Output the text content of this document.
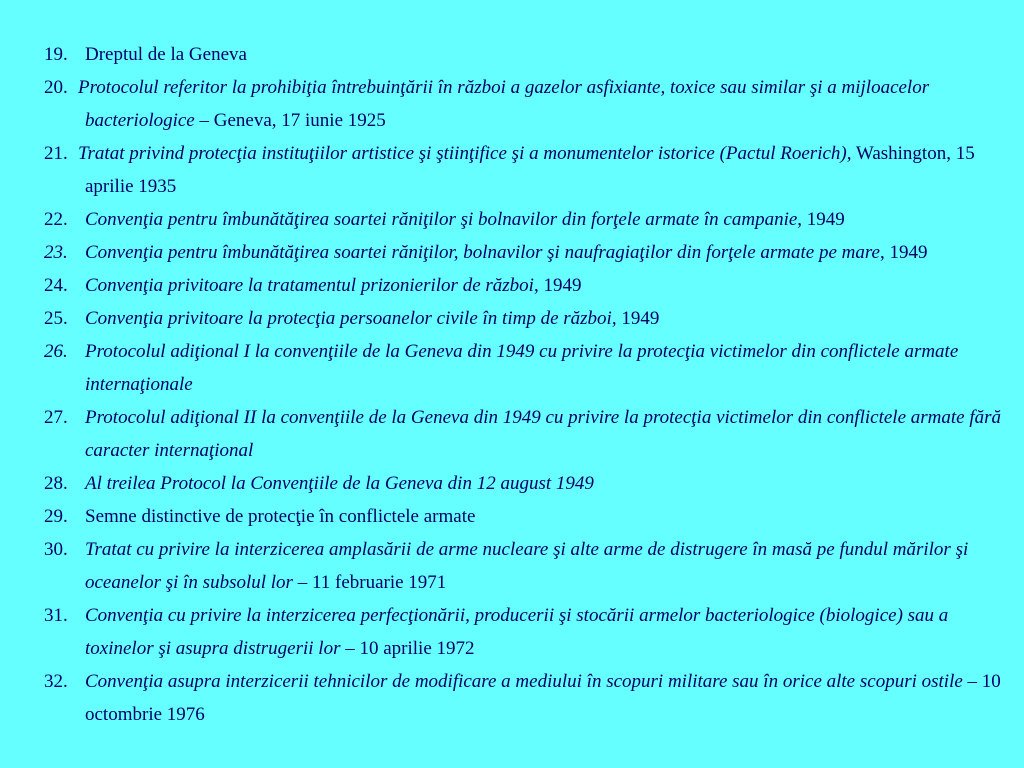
19. Dreptul de la Geneva
20. Protocolul referitor la prohibiţia întrebuinţării în război a gazelor asfixiante, toxice sau similar şi a mijloacelor bacteriologice – Geneva, 17 iunie 1925
21. Tratat privind protecţia instituţiilor artistice şi ştiinţifice şi a monumentelor istorice (Pactul Roerich), Washington, 15 aprilie 1935
22. Convenţia pentru îmbunătăţirea soartei răniţilor şi bolnavilor din forţele armate în campanie, 1949
23. Convenţia pentru îmbunătăţirea soartei răniţilor, bolnavilor şi naufragiaţilor din forţele armate pe mare, 1949
24. Convenţia privitoare la tratamentul prizonierilor de război, 1949
25. Convenţia privitoare la protecţia persoanelor civile în timp de război, 1949
26. Protocolul adiţional I la convenţiile de la Geneva din 1949 cu privire la protecţia victimelor din conflictele armate internaţionale
27. Protocolul adiţional II la convenţiile de la Geneva din 1949 cu privire la protecţia victimelor din conflictele armate fără caracter internaţional
28. Al treilea Protocol la Convenţiile de la Geneva din 12 august 1949
29. Semne distinctive de protecţie în conflictele armate
30. Tratat cu privire la interzicerea amplasării de arme nucleare şi alte arme de distrugere în masă pe fundul mărilor şi oceanelor şi în subsolul lor – 11 februarie 1971
31. Convenţia cu privire la interzicerea perfecţionării, producerii şi stocării armelor bacteriologice (biologice) sau a toxinelor şi asupra distrugerii lor – 10 aprilie 1972
32. Convenţia asupra interzicerii tehnicilor de modificare a mediului în scopuri militare sau în orice alte scopuri ostile – 10 octombrie 1976
